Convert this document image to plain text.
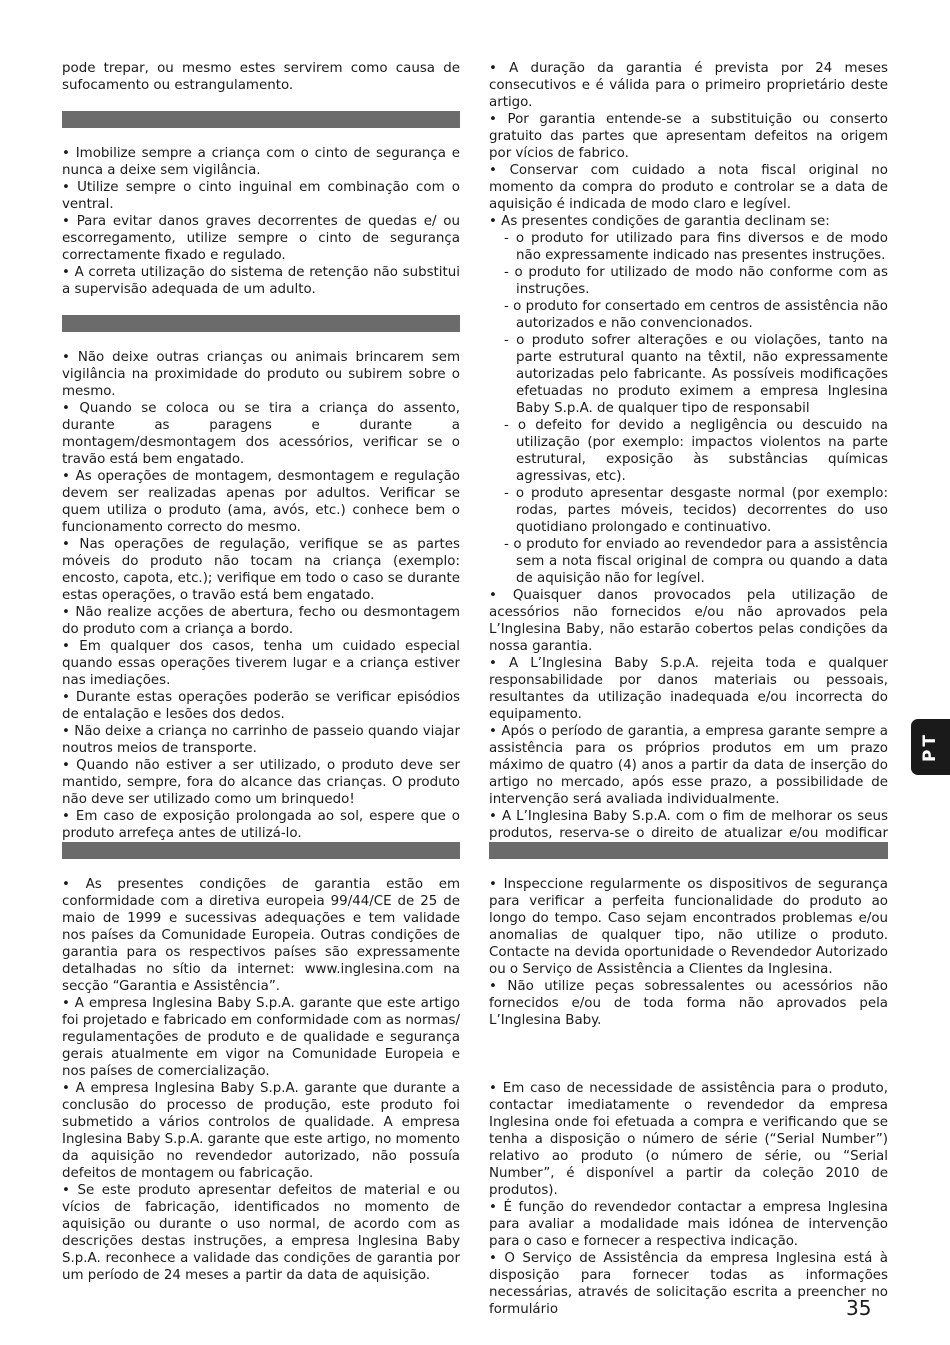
pode trepar, ou mesmo estes servirem como causa de sufocamento ou estrangulamento.

• Imobilize sempre a criança com o cinto de segurança e nunca a deixe sem vigilância.

• Utilize sempre o cinto inguinal em combinação com o ventral.

• Para evitar danos graves decorrentes de quedas e/ ou escorregamento, utilize sempre o cinto de segurança correctamente fixado e regulado.

• A correta utilização do sistema de retenção não substitui a supervisão adequada de um adulto.

• Não deixe outras crianças ou animais brincarem sem vigilância na proximidade do produto ou subirem sobre o mesmo.

• Quando se coloca ou se tira a criança do assento, durante as paragens e durante a montagem/desmontagem dos acessórios, verificar se o travão está bem engatado.

• As operações de montagem, desmontagem e regulação devem ser realizadas apenas por adultos. Verificar se quem utiliza o produto (ama, avós, etc.) conhece bem o funcionamento correcto do mesmo.

• Nas operações de regulação, verifique se as partes móveis do produto não tocam na criança (exemplo: encosto, capota, etc.); verifique em todo o caso se durante estas operações, o travão está bem engatado.

• Não realize acções de abertura, fecho ou desmontagem do produto com a criança a bordo.

• Em qualquer dos casos, tenha um cuidado especial quando essas operações tiverem lugar e a criança estiver nas imediações.

• Durante estas operações poderão se verificar episódios de entalação e lesões dos dedos.

• Não deixe a criança no carrinho de passeio quando viajar noutros meios de transporte.

• Quando não estiver a ser utilizado, o produto deve ser mantido, sempre, fora do alcance das crianças. O produto não deve ser utilizado como um brinquedo!

• Em caso de exposição prolongada ao sol, espere que o produto arrefeça antes de utilizá-lo.

• As presentes condições de garantia estão em conformidade com a diretiva europeia 99/44/CE de 25 de maio de 1999 e sucessivas adequações e tem validade nos países da Comunidade Europeia. Outras condições de garantia para os respectivos países são expressamente detalhadas no sítio da internet: www.inglesina.com na secção “Garantia e Assistência”.

• A empresa Inglesina Baby S.p.A. garante que este artigo foi projetado e fabricado em conformidade com as normas/ regulamentações de produto e de qualidade e segurança gerais atualmente em vigor na Comunidade Europeia e nos países de comercialização.

• A empresa Inglesina Baby S.p.A. garante que durante a conclusão do processo de produção, este produto foi submetido a vários controlos de qualidade. A empresa Inglesina Baby S.p.A. garante que este artigo, no momento da aquisição no revendedor autorizado, não possuía defeitos de montagem ou fabricação.

• Se este produto apresentar defeitos de material e ou vícios de fabricação, identificados no momento de aquisição ou durante o uso normal, de acordo com as descrições destas instruções, a empresa Inglesina Baby S.p.A. reconhece a validade das condições de garantia por um período de 24 meses a partir da data de aquisição.

• A duração da garantia é prevista por 24 meses consecutivos e é válida para o primeiro proprietário deste artigo.

• Por garantia entende-se a substituição ou conserto gratuito das partes que apresentam defeitos na origem por vícios de fabrico.

• Conservar com cuidado a nota fiscal original no momento da compra do produto e controlar se a data de aquisição é indicada de modo claro e legível.

• As presentes condições de garantia declinam se:

- o produto for utilizado para fins diversos e de modo não expressamente indicado nas presentes instruções.

- o produto for utilizado de modo não conforme com as instruções.

- o produto for consertado em centros de assistência não autorizados e não convencionados.

- o produto sofrer alterações e ou violações, tanto na parte estrutural quanto na têxtil, não expressamente autorizadas pelo fabricante. As possíveis modificações efetuadas no produto eximem a empresa Inglesina Baby S.p.A. de qualquer tipo de responsabil

- o defeito for devido a negligência ou descuido na utilização (por exemplo: impactos violentos na parte estrutural, exposição às substâncias químicas agressivas, etc).

- o produto apresentar desgaste normal (por exemplo: rodas, partes móveis, tecidos) decorrentes do uso quotidiano prolongado e continuativo.

- o produto for enviado ao revendedor para a assistência sem a nota fiscal original de compra ou quando a data de aquisição não for legível.

• Quaisquer danos provocados pela utilização de acessórios não fornecidos e/ou não aprovados pela L’Inglesina Baby, não estarão cobertos pelas condições da nossa garantia.

• A L’Inglesina Baby S.p.A. rejeita toda e qualquer responsabilidade por danos materiais ou pessoais, resultantes da utilização inadequada e/ou incorrecta do equipamento.

• Após o período de garantia, a empresa garante sempre a assistência para os próprios produtos em um prazo máximo de quatro (4) anos a partir da data de inserção do artigo no mercado, após esse prazo, a possibilidade de intervenção será avaliada individualmente.

• A L’Inglesina Baby S.p.A. com o fim de melhorar os seus produtos, reserva-se o direito de atualizar e/ou modificar

• Inspeccione regularmente os dispositivos de segurança para verificar a perfeita funcionalidade do produto ao longo do tempo. Caso sejam encontrados problemas e/ou anomalias de qualquer tipo, não utilize o produto. Contacte na devida oportunidade o Revendedor Autorizado ou o Serviço de Assistência a Clientes da Inglesina.

• Não utilize peças sobressalentes ou acessórios não fornecidos e/ou de toda forma não aprovados pela L’Inglesina Baby.

• Em caso de necessidade de assistência para o produto, contactar imediatamente o revendedor da empresa Inglesina onde foi efetuada a compra e verificando que se tenha a disposição o número de série (“Serial Number”) relativo ao produto (o número de série, ou “Serial Number”, é disponível a partir da coleção 2010 de produtos).

• É função do revendedor contactar a empresa Inglesina para avaliar a modalidade mais idónea de intervenção para o caso e fornecer a respectiva indicação.

• O Serviço de Assistência da empresa Inglesina está à disposição para fornecer todas as informações necessárias, através de solicitação escrita a preencher no formulário

PT
35
